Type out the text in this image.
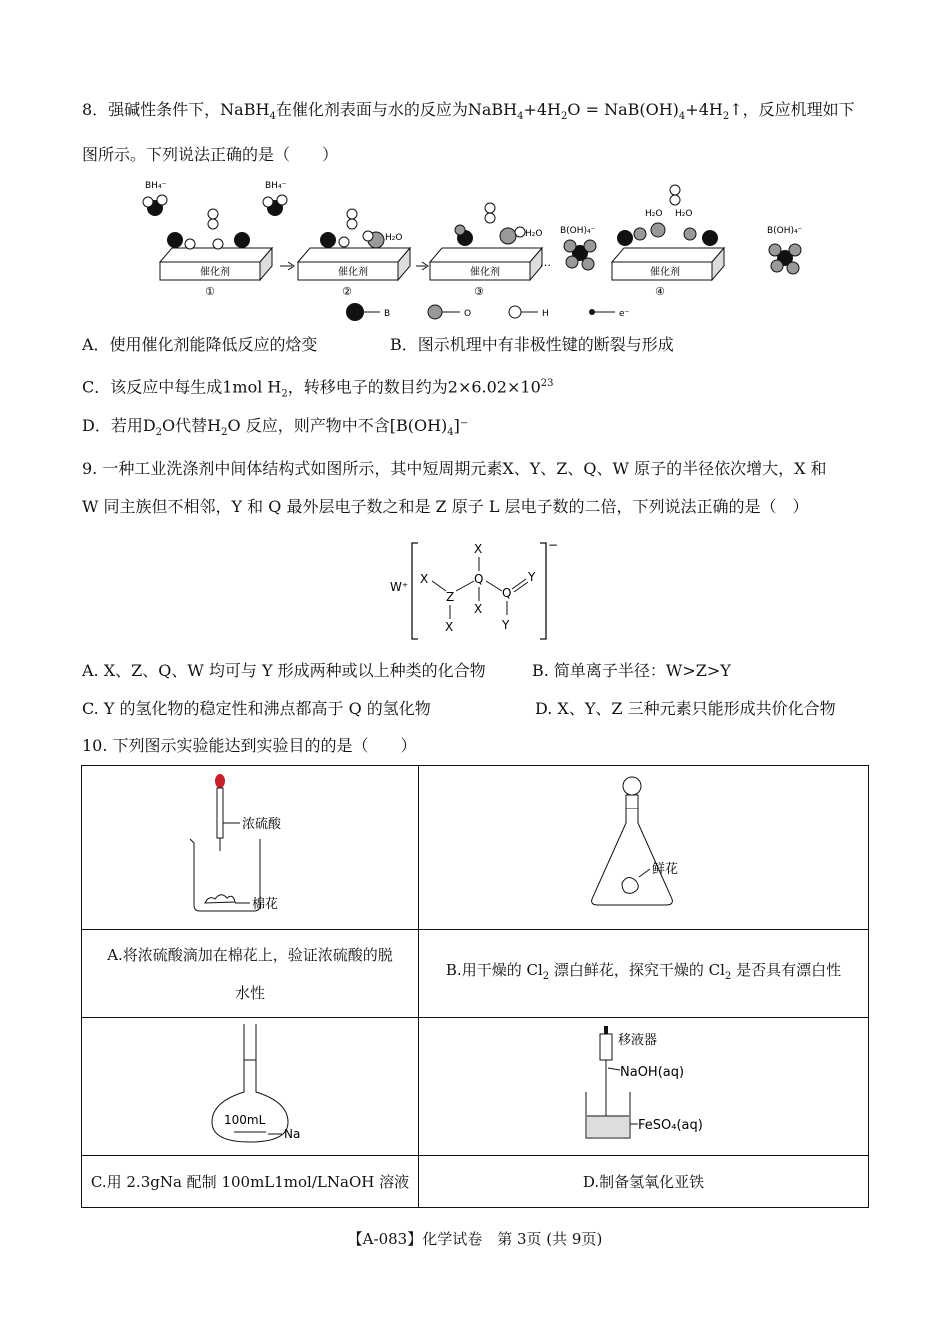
8．强碱性条件下，NaBH$_4$在催化剂表面与水的反应为$NaBH_4+4H_2O$ = $NaB(OH)_4+4H_2↑$，反应机理如下
图所示。下列说法正确的是（　　）
催化剂
①
BH₄⁻	BH₄⁻
催化剂
②
H₂O
催化剂
③
H₂O
…
催化剂
④
H₂O H₂O
B(OH)₄⁻	B(OH)₄⁻
B	O	H	e⁻
A．使用催化剂能降低反应的焓变	B．图示机理中有非极性键的断裂与形成
C．该反应中每生成1mol $H_2$，转移电子的数目约为$2\times 6.02\times 10^{23}$
D．若用$D_2O$代替$H_2O$ 反应，则产物中不含$[B(OH)_4]^-$
9. 一种工业洗涤剂中间体结构式如图所示，其中短周期元素X、Y、Z、Q、W 原子的半径依次增大，X 和
W 同主族但不相邻，Y 和 Q 最外层电子数之和是 Z 原子 L 层电子数的二倍，下列说法正确的是（　）
W⁺
−
X
Z
X
Q
X
X
Q
Y
Y
A. X、Z、Q、W 均可与 Y 形成两种或以上种类的化合物	B. 简单离子半径：W>Z>Y
C. Y 的氢化物的稳定性和沸点都高于 Q 的氢化物	D. X、Y、Z 三种元素只能形成共价化合物
10. 下列图示实验能达到实验目的的是（　　）
浓硫酸
棉花	鲜花

A.将浓硫酸滴加在棉花上，验证浓硫酸的脱
水性	B.用干燥的 $Cl_2$ 漂白鲜花，探究干燥的 $Cl_2$ 是否具有漂白性

100mL
Na	移液器
NaOH(aq)
FeSO₄(aq)

C.用 2.3gNa 配制 100mL1mol/LNaOH 溶液	D.制备氢氧化亚铁
【A-083】化学试卷　第 3页 (共 9页)
